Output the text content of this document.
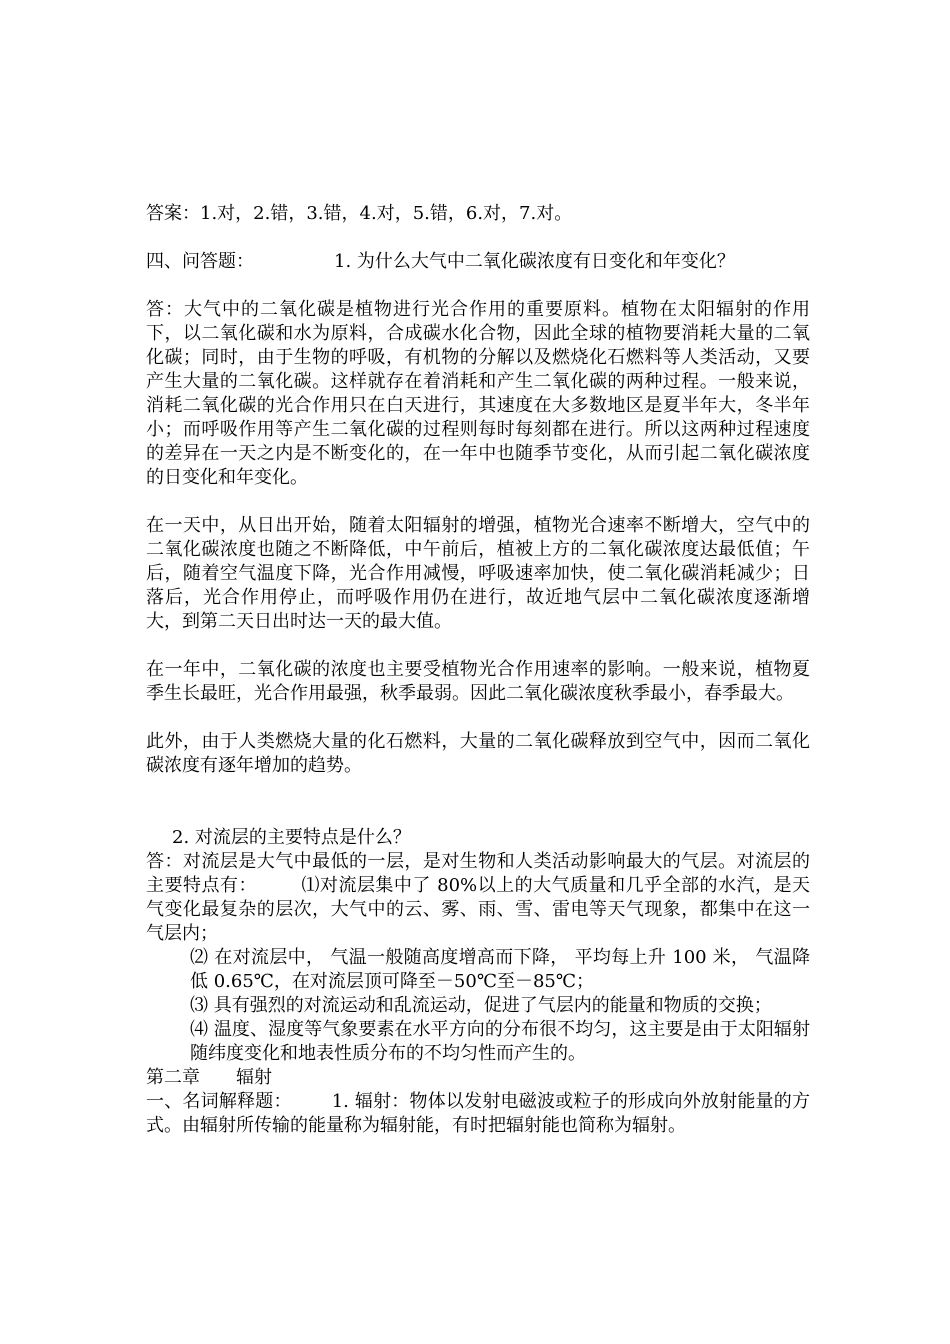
答案：1.对，2.错，3.错，4.对，5.错，6.对，7.对。

四、问答题：	1. 为什么大气中二氧化碳浓度有日变化和年变化？

答：大气中的二氧化碳是植物进行光合作用的重要原料。植物在太阳辐射的作用下，以二氧化碳和水为原料，合成碳水化合物，因此全球的植物要消耗大量的二氧化碳；同时，由于生物的呼吸，有机物的分解以及燃烧化石燃料等人类活动，又要产生大量的二氧化碳。这样就存在着消耗和产生二氧化碳的两种过程。一般来说，消耗二氧化碳的光合作用只在白天进行，其速度在大多数地区是夏半年大，冬半年小；而呼吸作用等产生二氧化碳的过程则每时每刻都在进行。所以这两种过程速度的差异在一天之内是不断变化的，在一年中也随季节变化，从而引起二氧化碳浓度的日变化和年变化。

在一天中，从日出开始，随着太阳辐射的增强，植物光合速率不断增大，空气中的二氧化碳浓度也随之不断降低，中午前后，植被上方的二氧化碳浓度达最低值；午后，随着空气温度下降，光合作用减慢，呼吸速率加快，使二氧化碳消耗减少；日落后，光合作用停止，而呼吸作用仍在进行，故近地气层中二氧化碳浓度逐渐增大，到第二天日出时达一天的最大值。

在一年中，二氧化碳的浓度也主要受植物光合作用速率的影响。一般来说，植物夏季生长最旺，光合作用最强，秋季最弱。因此二氧化碳浓度秋季最小，春季最大。

此外，由于人类燃烧大量的化石燃料，大量的二氧化碳释放到空气中，因而二氧化碳浓度有逐年增加的趋势。

2. 对流层的主要特点是什么？

答：对流层是大气中最低的一层，是对生物和人类活动影响最大的气层。对流层的主要特点有： ⑴对流层集中了 80%以上的大气质量和几乎全部的水汽，是天气变化最复杂的层次，大气中的云、雾、雨、雪、雷电等天气现象，都集中在这一气层内；

⑵ 在对流层中， 气温一般随高度增高而下降， 平均每上升 100 米， 气温降低 0.65℃，在对流层顶可降至－50℃至－85℃；

⑶ 具有强烈的对流运动和乱流运动，促进了气层内的能量和物质的交换；

⑷ 温度、湿度等气象要素在水平方向的分布很不均匀，这主要是由于太阳辐射随纬度变化和地表性质分布的不均匀性而产生的。

第二章　　辐射

一、名词解释题： 1. 辐射：物体以发射电磁波或粒子的形成向外放射能量的方式。由辐射所传输的能量称为辐射能，有时把辐射能也简称为辐射。
